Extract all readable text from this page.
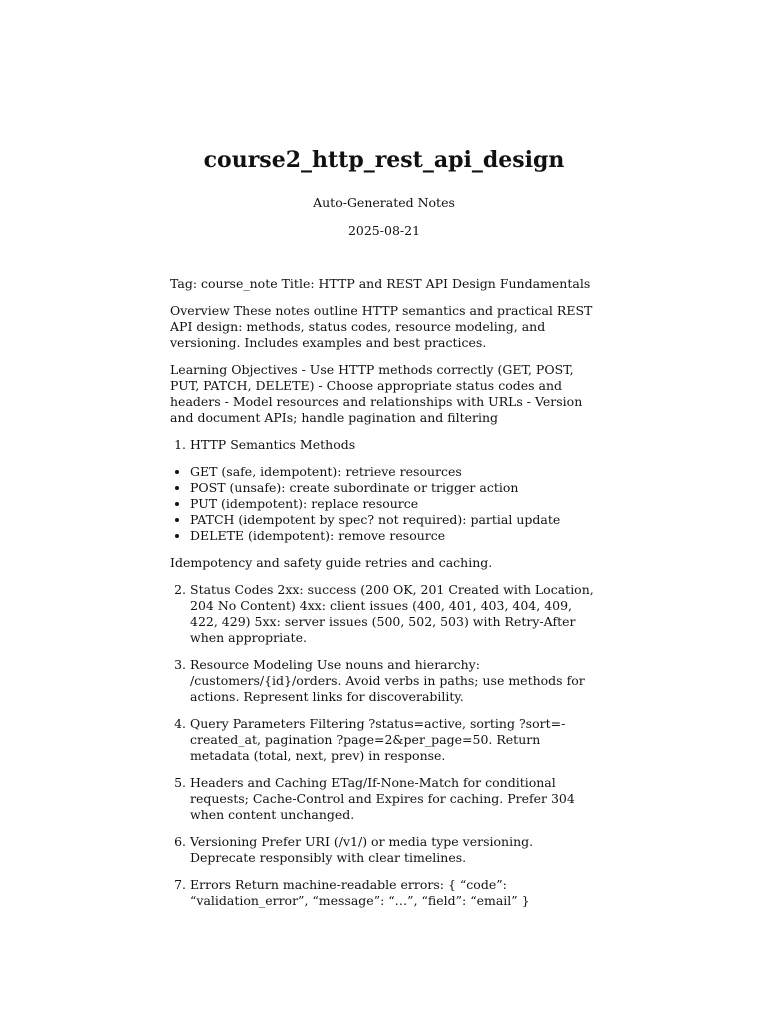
course2_http_rest_api_design

Auto-Generated Notes

2025-08-21

Tag: course_note Title: HTTP and REST API Design Fundamentals

Overview These notes outline HTTP semantics and practical REST API design: methods, status codes, resource modeling, and versioning. Includes examples and best practices.

Learning Objectives - Use HTTP methods correctly (GET, POST, PUT, PATCH, DELETE) - Choose appropriate status codes and headers - Model resources and relationships with URLs - Version and document APIs; handle pagination and filtering

1. HTTP Semantics Methods
• GET (safe, idempotent): retrieve resources
• POST (unsafe): create subordinate or trigger action
• PUT (idempotent): replace resource
• PATCH (idempotent by spec? not required): partial update
• DELETE (idempotent): remove resource

Idempotency and safety guide retries and caching.

2. Status Codes 2xx: success (200 OK, 201 Created with Location, 204 No Content) 4xx: client issues (400, 401, 403, 404, 409, 422, 429) 5xx: server issues (500, 502, 503) with Retry-After when appropriate.
3. Resource Modeling Use nouns and hierarchy: /customers/{id}/orders. Avoid verbs in paths; use methods for actions. Represent links for discoverability.
4. Query Parameters Filtering ?status=active, sorting ?sort=-created_at, pagination ?page=2&per_page=50. Return metadata (total, next, prev) in response.
5. Headers and Caching ETag/If-None-Match for conditional requests; Cache-Control and Expires for caching. Prefer 304 when content unchanged.
6. Versioning Prefer URI (/v1/) or media type versioning. Deprecate responsibly with clear timelines.
7. Errors Return machine-readable errors: { “code”: “validation_error”, “message”: “…”, “field”: “email” }
